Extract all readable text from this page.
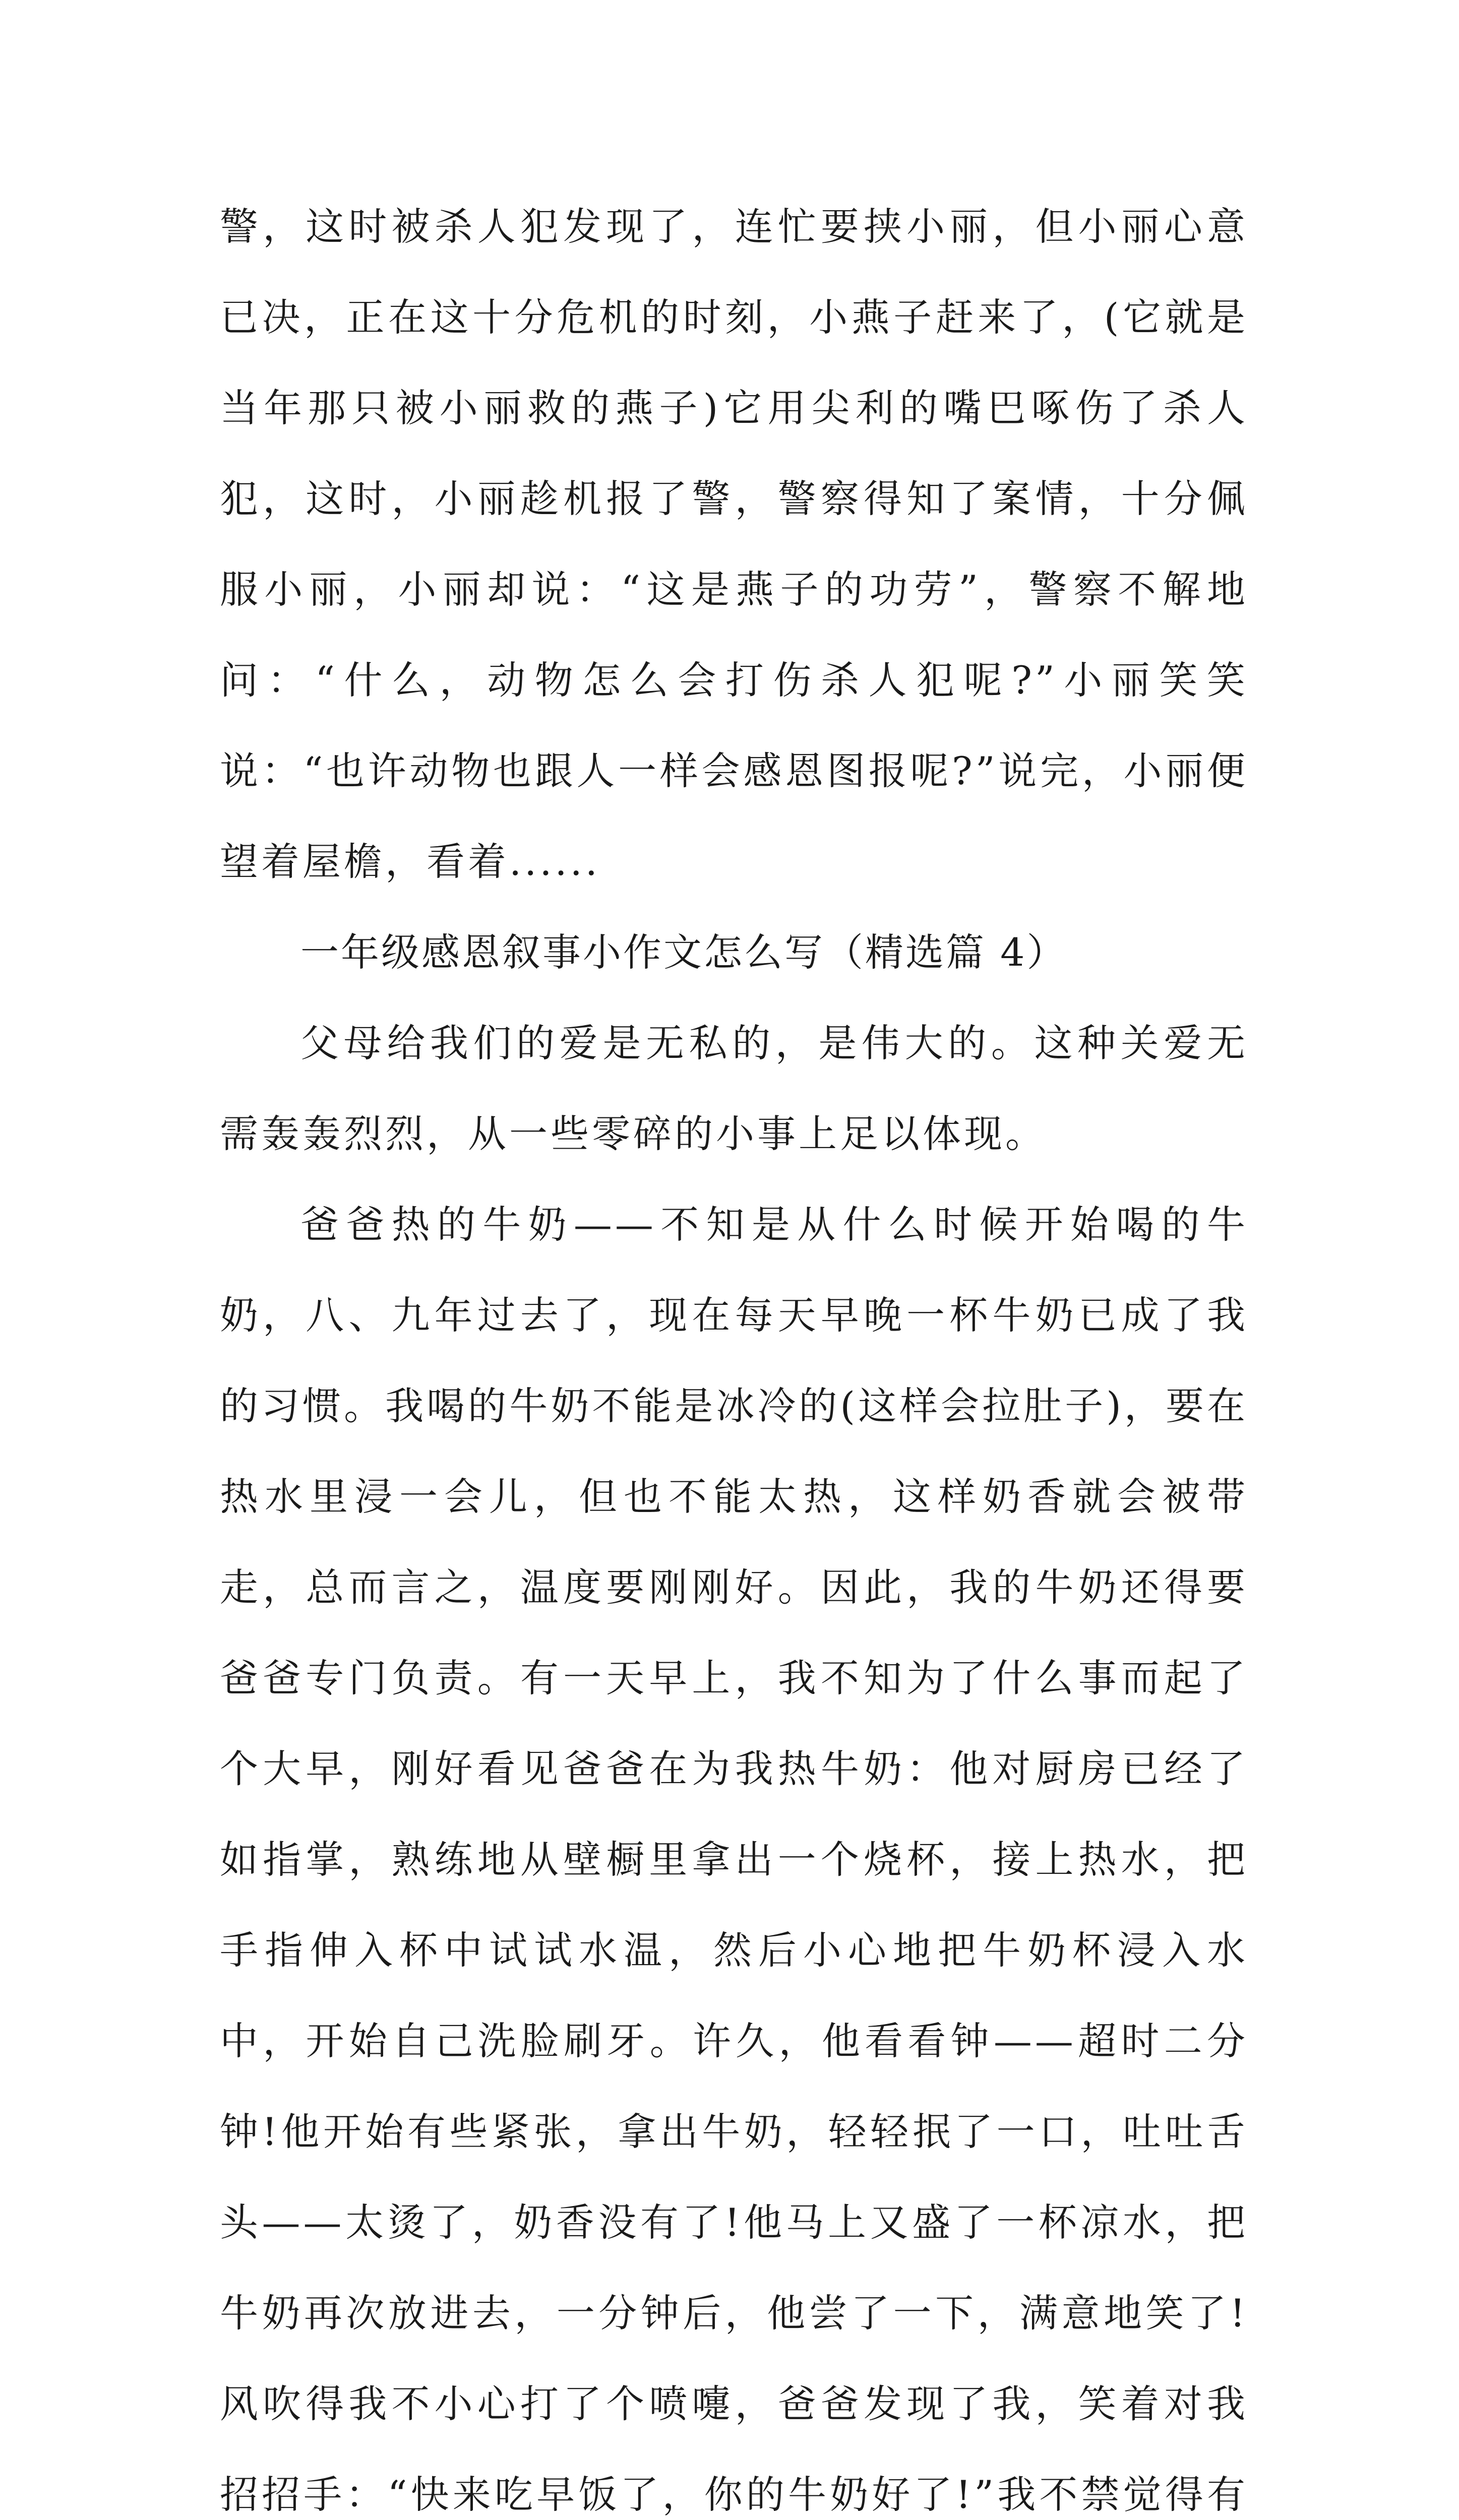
警，这时被杀人犯发现了，连忙要挟小丽，但小丽心意已决，正在这十分危机的时刻，小燕子赶来了，(它就是当年那只被小丽救的燕子)它用尖利的嘴巴啄伤了杀人犯，这时，小丽趁机报了警，警察得知了案情，十分佩服小丽，小丽却说：“这是燕子的功劳”，警察不解地问：“什么，动物怎么会打伤杀人犯呢?”小丽笑笑说：“也许动物也跟人一样会感恩图报呢?”说完，小丽便望着屋檐，看着......

一年级感恩叙事小作文怎么写（精选篇 4）

父母给我们的爱是无私的，是伟大的。这种关爱无需轰轰烈烈，从一些零碎的小事上足以体现。

爸爸热的牛奶——不知是从什么时候开始喝的牛奶，八、九年过去了，现在每天早晚一杯牛奶已成了我的习惯。我喝的牛奶不能是冰冷的(这样会拉肚子)，要在热水里浸一会儿，但也不能太热，这样奶香就会被带走，总而言之，温度要刚刚好。因此，我的牛奶还得要爸爸专门负责。有一天早上，我不知为了什么事而起了个大早，刚好看见爸爸在为我热牛奶：他对厨房已经了如指掌，熟练地从壁橱里拿出一个烧杯，接上热水，把手指伸入杯中试试水温，然后小心地把牛奶杯浸入水中，开始自己洗脸刷牙。许久，他看看钟——超时二分钟!他开始有些紧张，拿出牛奶，轻轻抿了一口，吐吐舌头——太烫了，奶香没有了!他马上又盛了一杯凉水，把牛奶再次放进去，一分钟后，他尝了一下，满意地笑了!风吹得我不小心打了个喷嚏，爸爸发现了我，笑着对我招招手：“快来吃早饭了，你的牛奶好了!”我不禁觉得有
